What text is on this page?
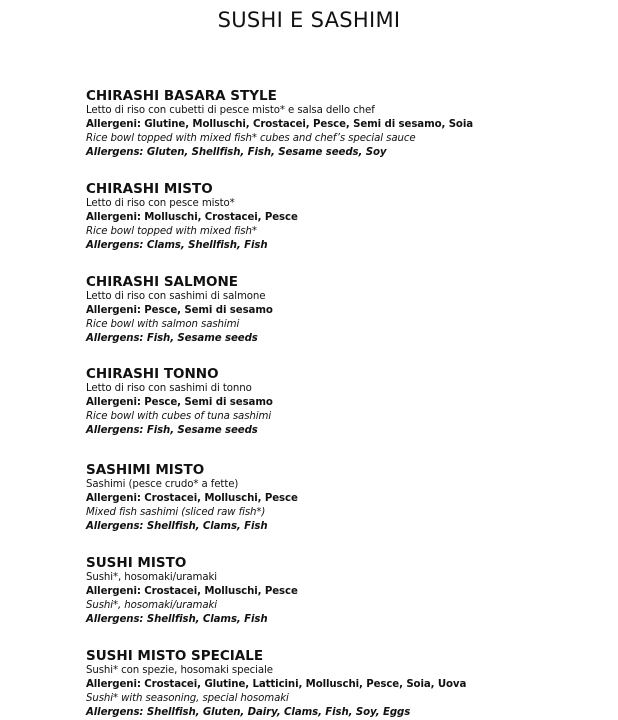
SUSHI E SASHIMI
CHIRASHI BASARA STYLE
Letto di riso con cubetti di pesce misto* e salsa dello chef
Allergeni: Glutine, Molluschi, Crostacei, Pesce, Semi di sesamo, Soia
Rice bowl topped with mixed fish* cubes and chef’s special sauce
Allergens: Gluten, Shellfish, Fish, Sesame seeds, Soy
CHIRASHI MISTO
Letto di riso con pesce misto*
Allergeni: Molluschi, Crostacei, Pesce
Rice bowl topped with mixed fish*
Allergens: Clams, Shellfish, Fish
CHIRASHI SALMONE
Letto di riso con sashimi di salmone
Allergeni: Pesce, Semi di sesamo
Rice bowl with salmon sashimi
Allergens: Fish, Sesame seeds
CHIRASHI TONNO
Letto di riso con sashimi di tonno
Allergeni: Pesce, Semi di sesamo
Rice bowl with cubes of tuna sashimi
Allergens: Fish, Sesame seeds
SASHIMI MISTO
Sashimi (pesce crudo* a fette)
Allergeni: Crostacei, Molluschi, Pesce
Mixed fish sashimi (sliced raw fish*)
Allergens: Shellfish, Clams, Fish
SUSHI MISTO
Sushi*, hosomaki/uramaki
Allergeni: Crostacei, Molluschi, Pesce
Sushi*, hosomaki/uramaki
Allergens: Shellfish, Clams, Fish
SUSHI MISTO SPECIALE
Sushi* con spezie, hosomaki speciale
Allergeni: Crostacei, Glutine, Latticini, Molluschi, Pesce, Soia, Uova
Sushi* with seasoning, special hosomaki
Allergens: Shellfish, Gluten, Dairy, Clams, Fish, Soy, Eggs
